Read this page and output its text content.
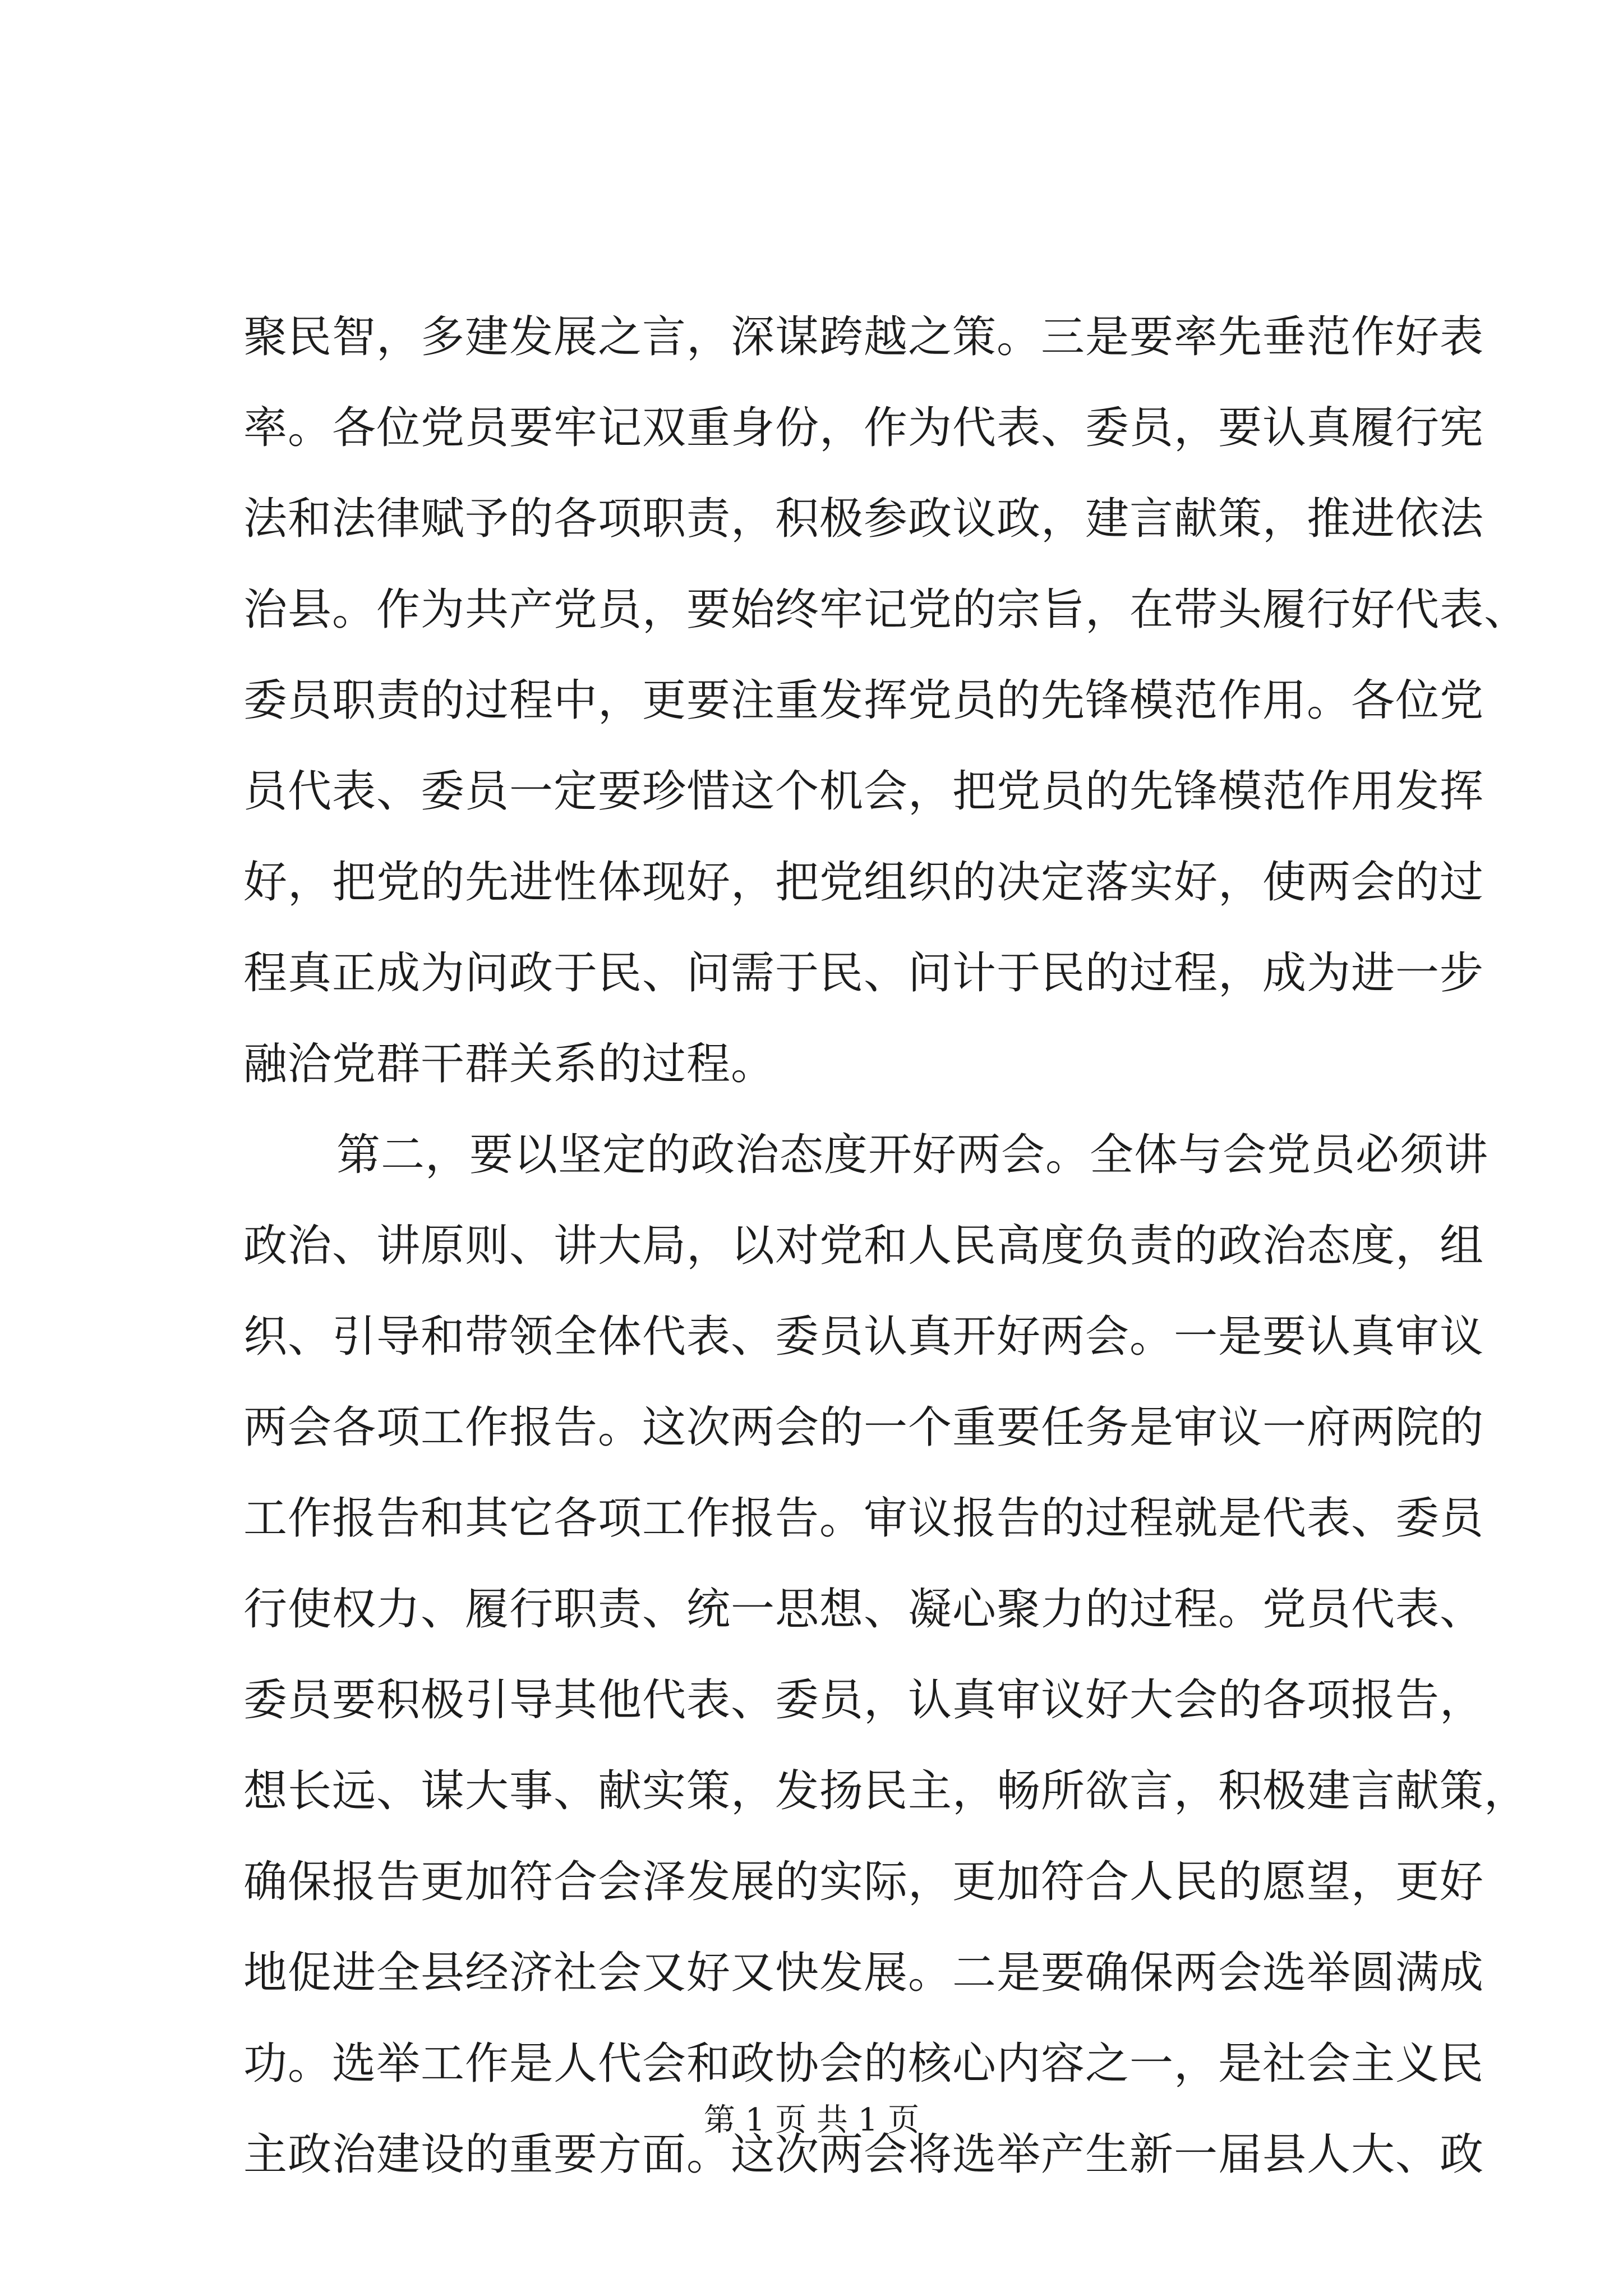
聚民智，多建发展之言，深谋跨越之策。三是要率先垂范作好表
率。各位党员要牢记双重身份，作为代表、委员，要认真履行宪
法和法律赋予的各项职责，积极参政议政，建言献策，推进依法
治县。作为共产党员，要始终牢记党的宗旨，在带头履行好代表、
委员职责的过程中，更要注重发挥党员的先锋模范作用。各位党
员代表、委员一定要珍惜这个机会，把党员的先锋模范作用发挥
好，把党的先进性体现好，把党组织的决定落实好，使两会的过
程真正成为问政于民、问需于民、问计于民的过程，成为进一步
融洽党群干群关系的过程。
第二，要以坚定的政治态度开好两会。全体与会党员必须讲
政治、讲原则、讲大局，以对党和人民高度负责的政治态度，组
织、引导和带领全体代表、委员认真开好两会。一是要认真审议
两会各项工作报告。这次两会的一个重要任务是审议一府两院的
工作报告和其它各项工作报告。审议报告的过程就是代表、委员
行使权力、履行职责、统一思想、凝心聚力的过程。党员代表、
委员要积极引导其他代表、委员，认真审议好大会的各项报告，
想长远、谋大事、献实策，发扬民主，畅所欲言，积极建言献策，
确保报告更加符合会泽发展的实际，更加符合人民的愿望，更好
地促进全县经济社会又好又快发展。二是要确保两会选举圆满成
功。选举工作是人代会和政协会的核心内容之一，是社会主义民
主政治建设的重要方面。这次两会将选举产生新一届县人大、政
第 1 页 共 1 页
